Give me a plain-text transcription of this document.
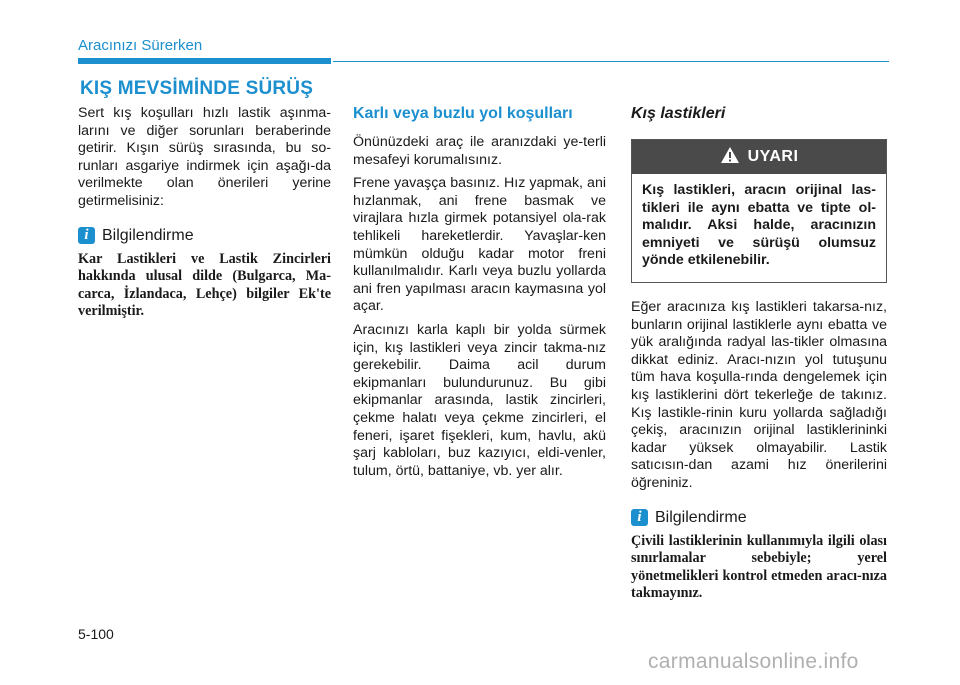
Aracınızı Sürerken
KIŞ MEVSİMİNDE SÜRÜŞ

Sert kış koşulları hızlı lastik aşınma-larını ve diğer sorunları beraberinde getirir. Kışın sürüş sırasında, bu so-runları asgariye indirmek için aşağı-da verilmekte olan önerileri yerine getirmelisiniz:

i Bilgilendirme

Kar Lastikleri ve Lastik Zincirleri hakkında ulusal dilde (Bulgarca, Ma-carca, İzlandaca, Lehçe) bilgiler Ek'te verilmiştir.

Karlı veya buzlu yol koşulları

Önünüzdeki araç ile aranızdaki ye-terli mesafeyi korumalısınız.

Frene yavaşça basınız. Hız yapmak, ani hızlanmak, ani frene basmak ve virajlara hızla girmek potansiyel ola-rak tehlikeli hareketlerdir. Yavaşlar-ken mümkün olduğu kadar motor freni kullanılmalıdır. Karlı veya buzlu yollarda ani fren yapılması aracın kaymasına yol açar.

Aracınızı karla kaplı bir yolda sürmek için, kış lastikleri veya zincir takma-nız gerekebilir. Daima acil durum ekipmanları bulundurunuz. Bu gibi ekipmanlar arasında, lastik zincirleri, çekme halatı veya çekme zincirleri, el feneri, işaret fişekleri, kum, havlu, akü şarj kabloları, buz kazıyıcı, eldi-venler, tulum, örtü, battaniye, vb. yer alır.

Kış lastikleri
UYARI
Kış lastikleri, aracın orijinal las-tikleri ile aynı ebatta ve tipte ol-malıdır. Aksi halde, aracınızın emniyeti ve sürüşü olumsuz yönde etkilenebilir.

Eğer aracınıza kış lastikleri takarsa-nız, bunların orijinal lastiklerle aynı ebatta ve yük aralığında radyal las-tikler olmasına dikkat ediniz. Aracı-nızın yol tutuşunu tüm hava koşulla-rında dengelemek için kış lastiklerini dört tekerleğe de takınız. Kış lastikle-rinin kuru yollarda sağladığı çekiş, aracınızın orijinal lastiklerininki kadar yüksek olmayabilir. Lastik satıcısın-dan azami hız önerilerini öğreniniz.

i Bilgilendirme

Çivili lastiklerinin kullanımıyla ilgili olası sınırlamalar sebebiyle; yerel yönetmelikleri kontrol etmeden aracı-nıza takmayınız.

5-100
carmanualsonline.info
